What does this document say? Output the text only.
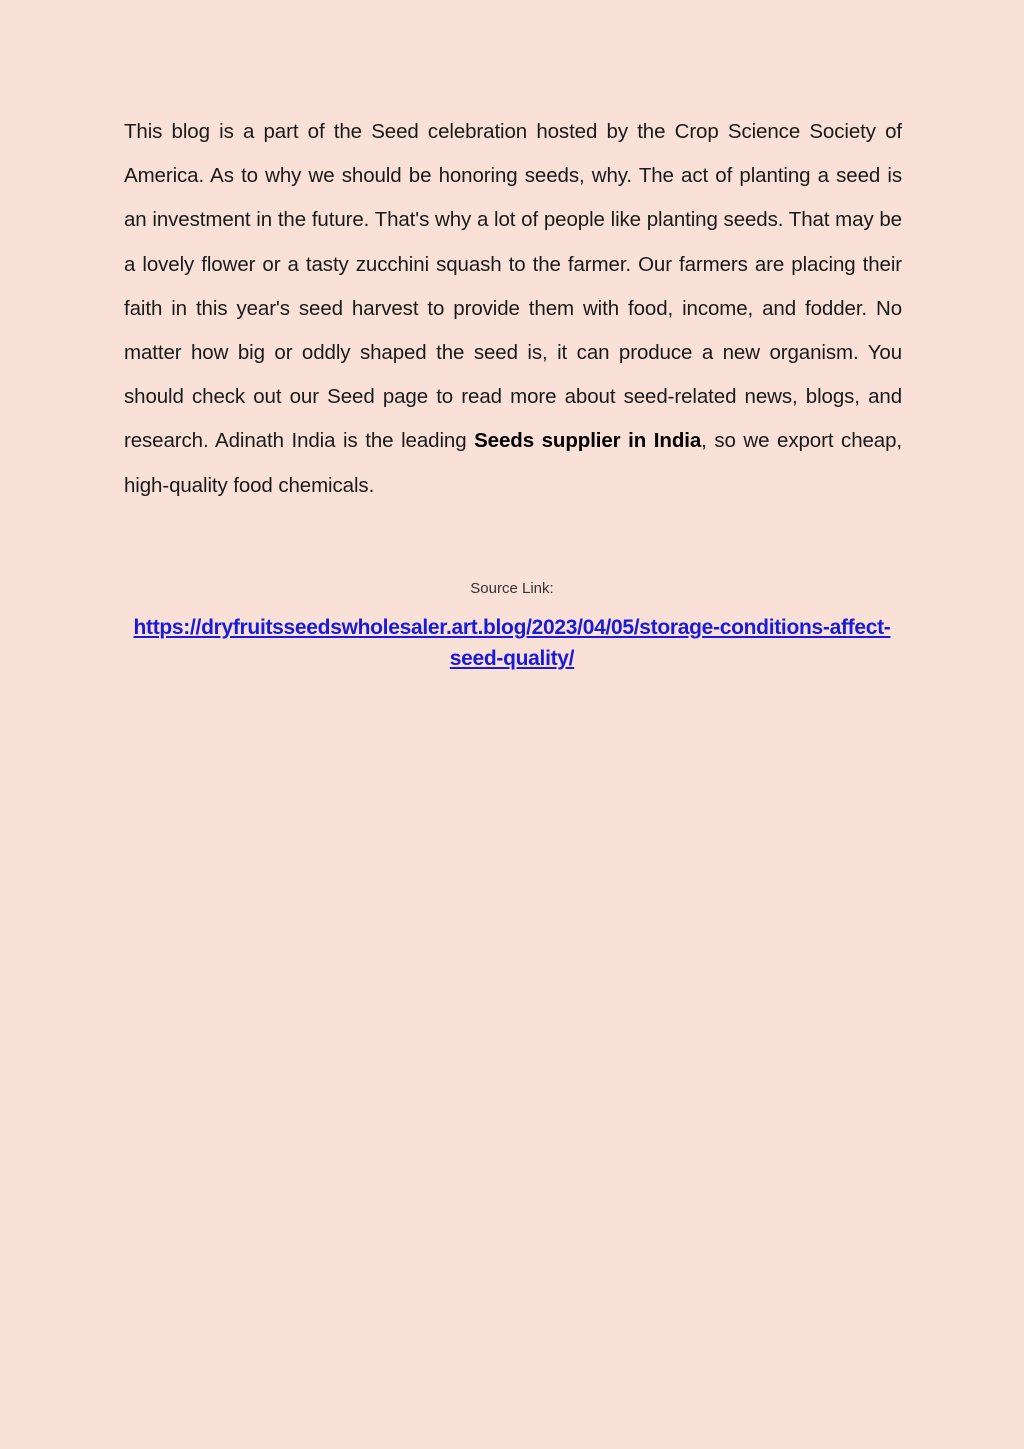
This blog is a part of the Seed celebration hosted by the Crop Science Society of America. As to why we should be honoring seeds, why. The act of planting a seed is an investment in the future. That's why a lot of people like planting seeds. That may be a lovely flower or a tasty zucchini squash to the farmer. Our farmers are placing their faith in this year's seed harvest to provide them with food, income, and fodder. No matter how big or oddly shaped the seed is, it can produce a new organism. You should check out our Seed page to read more about seed-related news, blogs, and research. Adinath India is the leading Seeds supplier in India, so we export cheap, high-quality food chemicals.

Source Link:
https://dryfruitsseedswholesaler.art.blog/2023/04/05/storage-conditions-affect-seed-quality/
